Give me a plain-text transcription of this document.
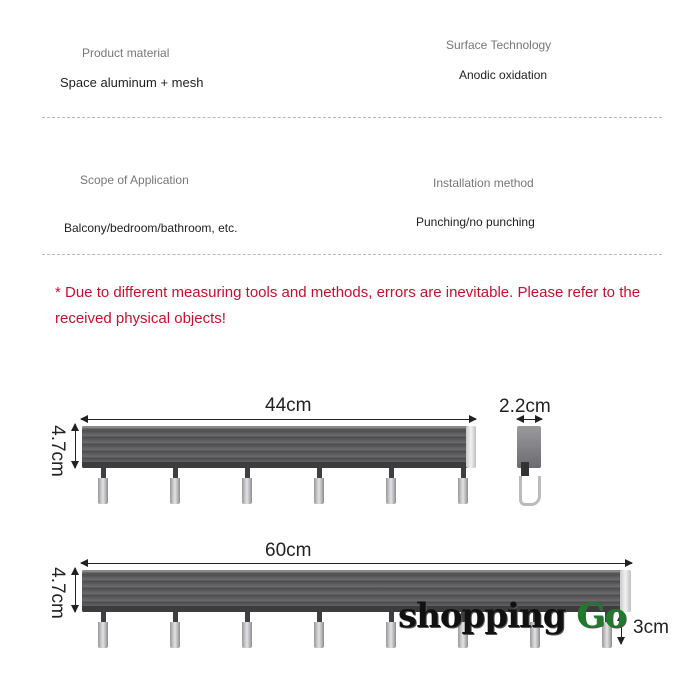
Product material
Space aluminum + mesh
Surface Technology
Anodic oxidation
Scope of Application
Balcony/bedroom/bathroom, etc.
Installation method
Punching/no punching
* Due to different measuring tools and methods, errors are inevitable. Please refer to the received physical objects!
44cm
4.7cm
2.2cm
60cm
4.7cm
3cm
shopping Go
